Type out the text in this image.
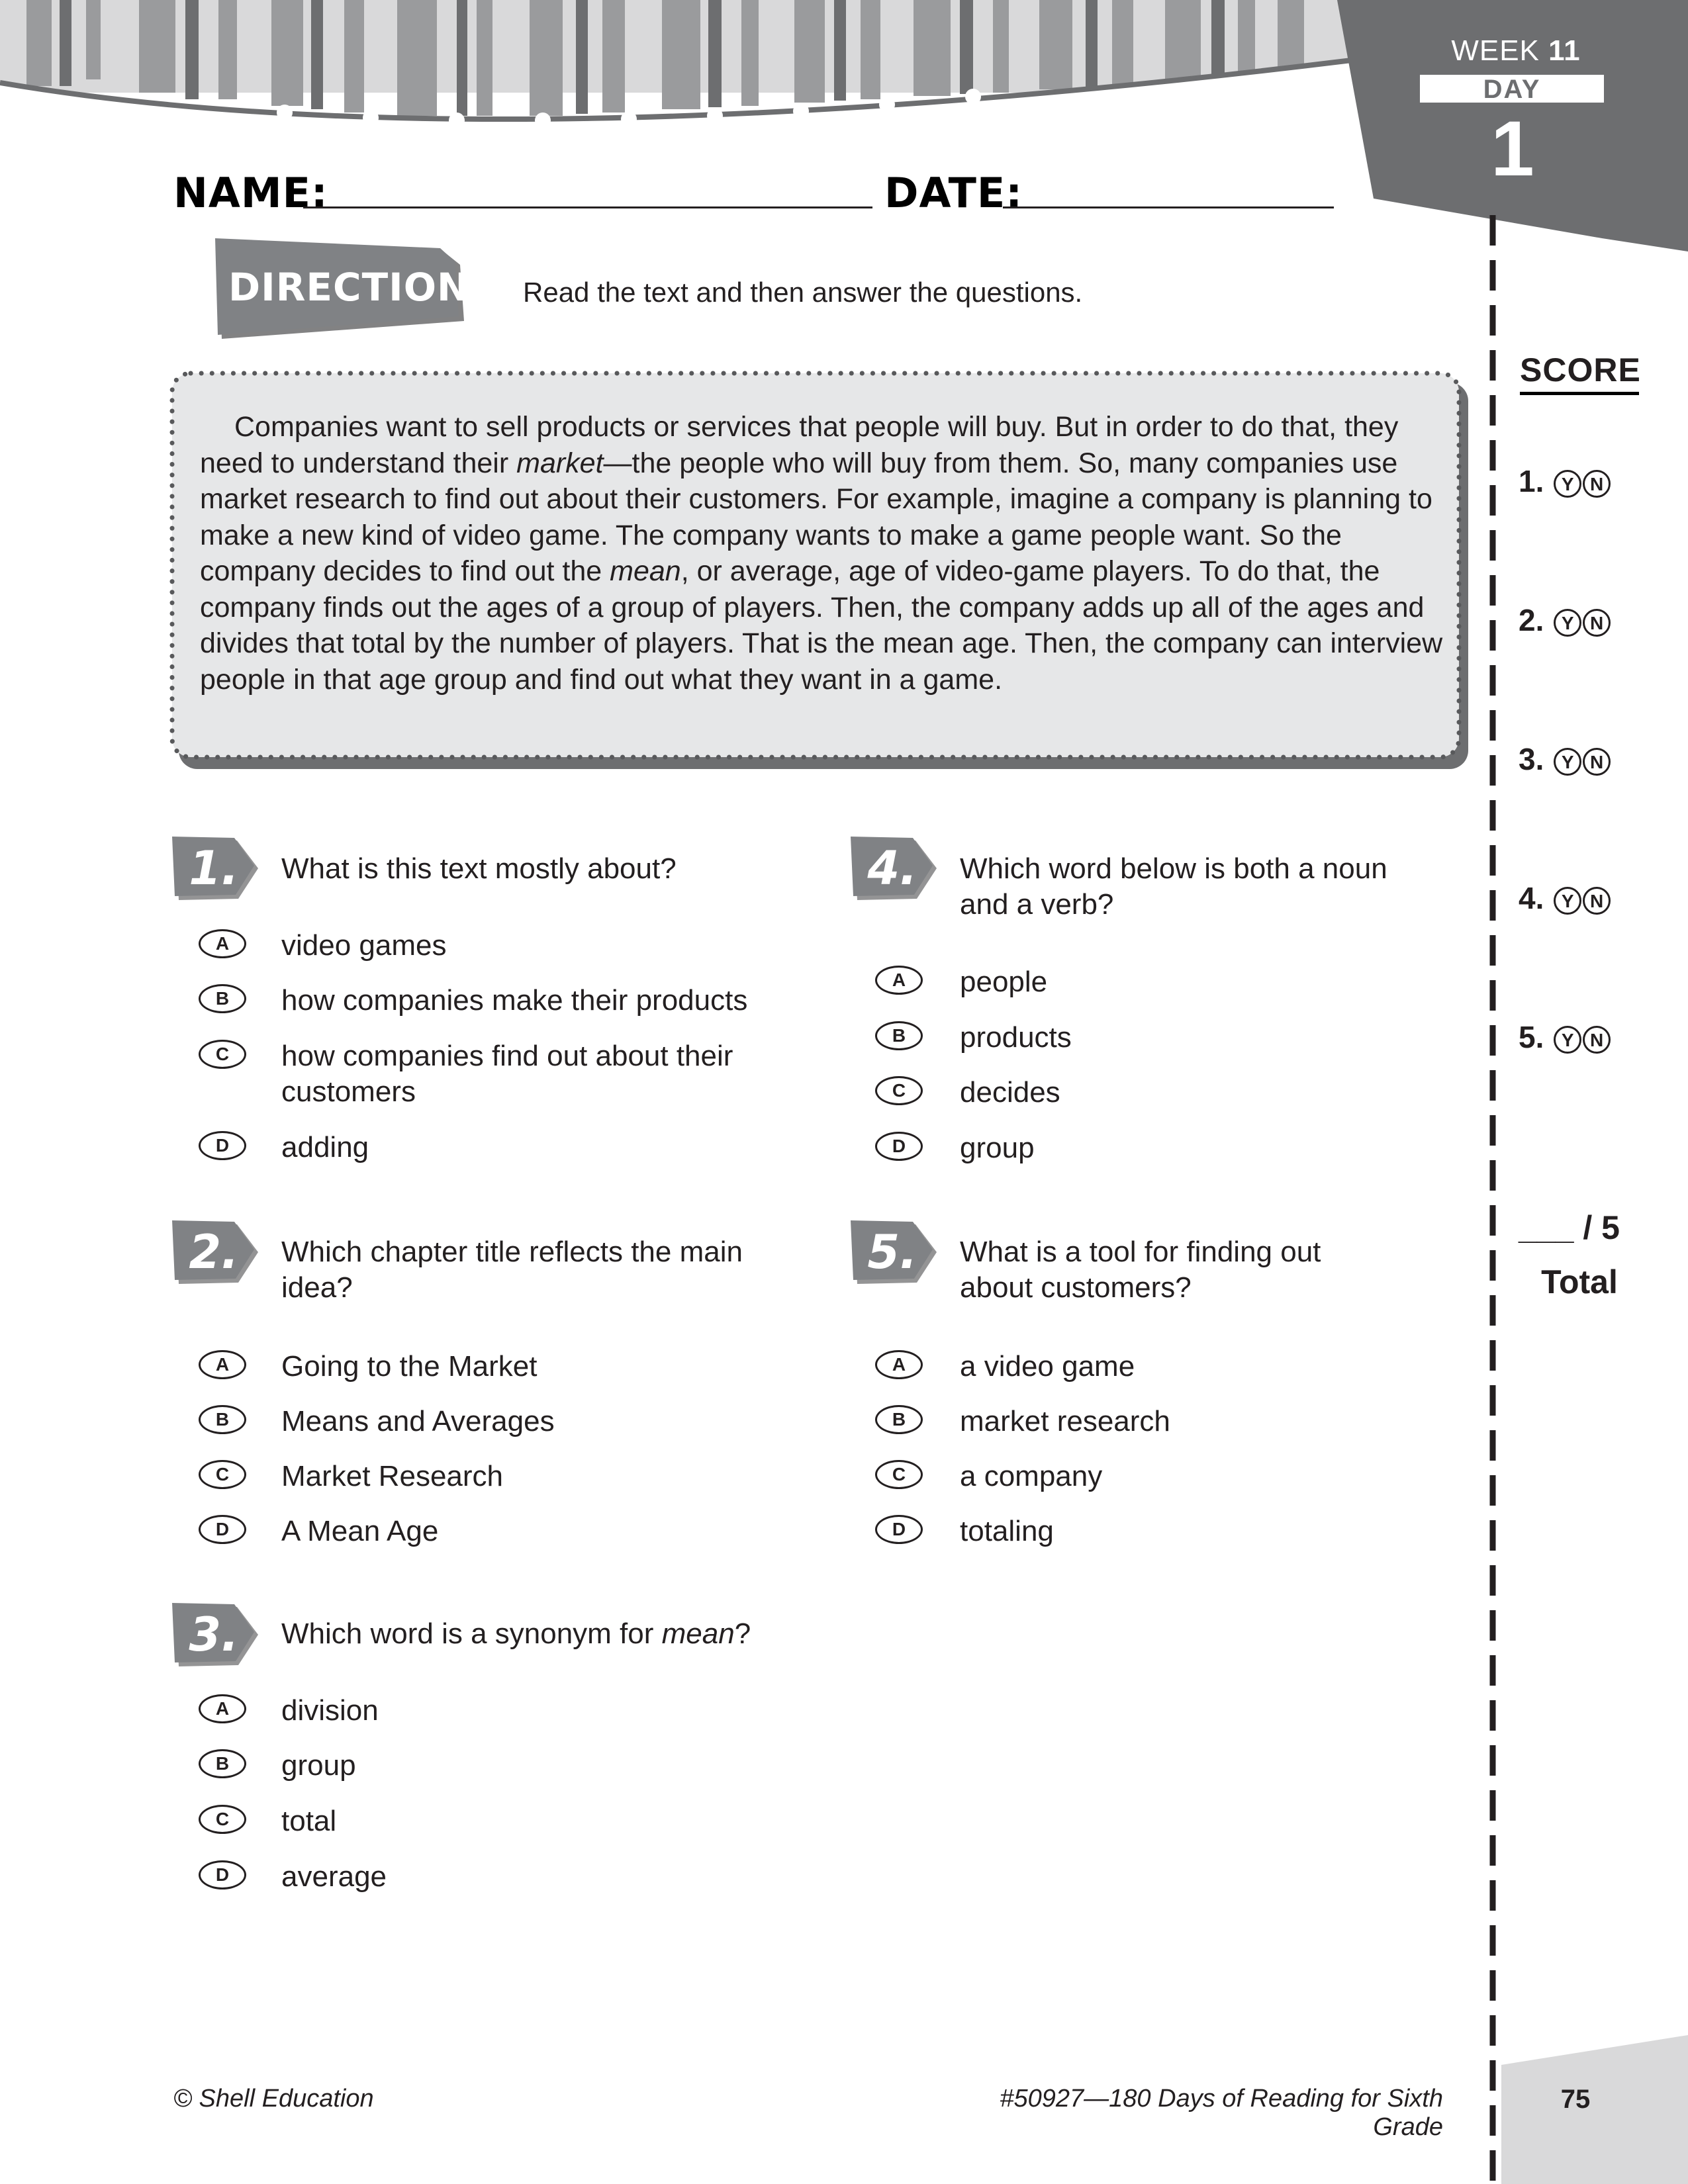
WEEK 11
DAY
1
NAME:	DATE:
DIRECTIONS Read the text and then answer the questions.

Companies want to sell products or services that people will buy. But in order to do that, they need to understand their market—the people who will buy from them. So, many companies use market research to find out about their customers. For example, imagine a company is planning to make a new kind of video game. The company wants to make a game people want. So the company decides to find out the mean, or average, age of video-game players. To do that, the company finds out the ages of a group of players. Then, the company adds up all of the ages and divides that total by the number of players. That is the mean age. Then, the company can interview people in that age group and find out what they want in a game.

1.	What is this text mostly about?
A	video games
B	how companies make their products
C	how companies find out about their customers
D	adding
2.	Which chapter title reflects the main idea?
A	Going to the Market
B	Means and Averages
C	Market Research
D	A Mean Age
3.	Which word is a synonym for mean?
A	division
B	group
C	total
D	average
4.	Which word below is both a noun and a verb?
A	people
B	products
C	decides
D	group
5.	What is a tool for finding out about customers?
A	a video game
B	market research
C	a company
D	totaling
SCORE
1. Y N
2. Y N
3. Y N
4. Y N
5. Y N
___ / 5
Total
© Shell Education	#50927—180 Days of Reading for Sixth Grade
75
